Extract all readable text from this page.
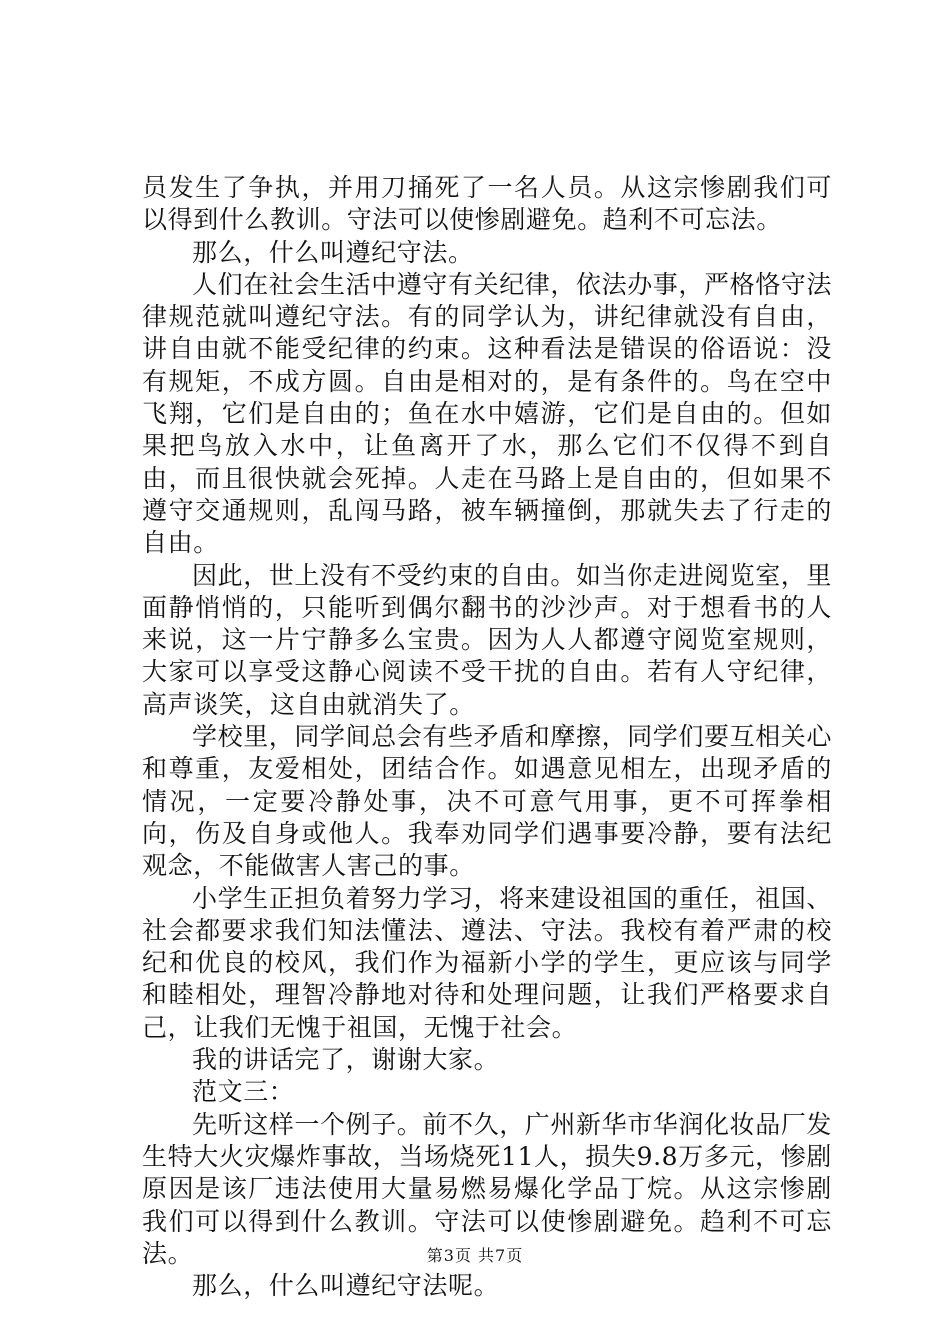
员发生了争执，并用刀捅死了一名人员。从这宗惨剧我们可以得到什么教训。守法可以使惨剧避免。趋利不可忘法。

那么，什么叫遵纪守法。

人们在社会生活中遵守有关纪律，依法办事，严格恪守法律规范就叫遵纪守法。有的同学认为，讲纪律就没有自由，讲自由就不能受纪律的约束。这种看法是错误的俗语说：没有规矩，不成方圆。自由是相对的，是有条件的。鸟在空中飞翔，它们是自由的；鱼在水中嬉游，它们是自由的。但如果把鸟放入水中，让鱼离开了水，那么它们不仅得不到自由，而且很快就会死掉。人走在马路上是自由的，但如果不遵守交通规则，乱闯马路，被车辆撞倒，那就失去了行走的自由。

因此，世上没有不受约束的自由。如当你走进阅览室，里面静悄悄的，只能听到偶尔翻书的沙沙声。对于想看书的人来说，这一片宁静多么宝贵。因为人人都遵守阅览室规则，大家可以享受这静心阅读不受干扰的自由。若有人守纪律，高声谈笑，这自由就消失了。

学校里，同学间总会有些矛盾和摩擦，同学们要互相关心和尊重，友爱相处，团结合作。如遇意见相左，出现矛盾的情况，一定要冷静处事，决不可意气用事，更不可挥拳相向，伤及自身或他人。我奉劝同学们遇事要冷静，要有法纪观念，不能做害人害己的事。

小学生正担负着努力学习，将来建设祖国的重任，祖国、社会都要求我们知法懂法、遵法、守法。我校有着严肃的校纪和优良的校风，我们作为福新小学的学生，更应该与同学和睦相处，理智冷静地对待和处理问题，让我们严格要求自己，让我们无愧于祖国，无愧于社会。

我的讲话完了，谢谢大家。

范文三：

先听这样一个例子。前不久，广州新华市华润化妆品厂发生特大火灾爆炸事故，当场烧死11人，损失9.8万多元，惨剧原因是该厂违法使用大量易燃易爆化学品丁烷。从这宗惨剧我们可以得到什么教训。守法可以使惨剧避免。趋利不可忘法。

那么，什么叫遵纪守法呢。

第3页 共7页
